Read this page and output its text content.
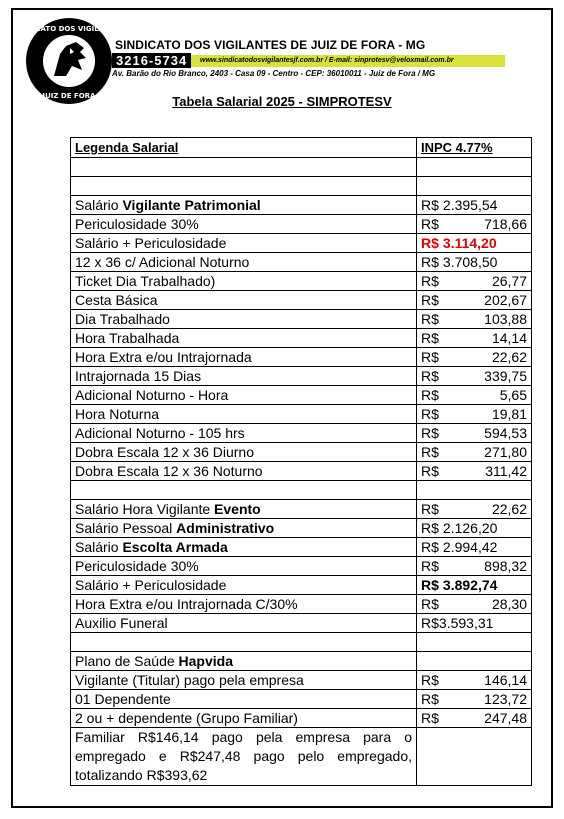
SINDICATO DOS VIGILANTES
JUIZ DE FORA
SINDICATO DOS VIGILANTES DE JUIZ DE FORA - MG
3216-5734	www.sindicatodosvigilantesjf.com.br / E-mail: sinprotesv@veloxmail.com.br
Av. Barão do Rio Branco, 2403 - Casa 09 - Centro - CEP: 36010011 - Juiz de Fora / MG
Tabela Salarial 2025 - SIMPROTESV
Legenda Salarial	INPC 4.77%

Salário Vigilante Patrimonial	R$ 2.395,54

Periculosidade 30%	R$ 718,66

Salário + Periculosidade	R$ 3.114,20

12 x 36 c/ Adicional Noturno	R$ 3.708,50

Ticket Dia Trabalhado)	R$ 26,77

Cesta Básica	R$ 202,67

Dia Trabalhado	R$ 103,88

Hora Trabalhada	R$ 14,14

Hora Extra e/ou Intrajornada	R$ 22,62

Intrajornada 15 Dias	R$ 339,75

Adicional Noturno - Hora	R$ 5,65

Hora Noturna	R$ 19,81

Adicional Noturno - 105 hrs	R$ 594,53

Dobra Escala 12 x 36 Diurno	R$ 271,80

Dobra Escala 12 x 36 Noturno	R$ 311,42

Salário Hora Vigilante Evento	R$ 22,62

Salário Pessoal Administrativo	R$ 2.126,20

Salário Escolta Armada	R$ 2.994,42

Periculosidade 30%	R$ 898,32

Salário + Periculosidade	R$ 3.892,74

Hora Extra e/ou Intrajornada C/30%	R$ 28,30

Auxilio Funeral	R$ 3.593,31

Plano de Saúde Hapvida	
Vigilante (Titular) pago pela empresa	R$ 146,14

01 Dependente	R$ 123,72

2 ou + dependente (Grupo Familiar)	R$ 247,48

Familiar R$146,14 pago pela empresa para o empregado e R$247,48 pago pelo empregado, totalizando R$393,62	
